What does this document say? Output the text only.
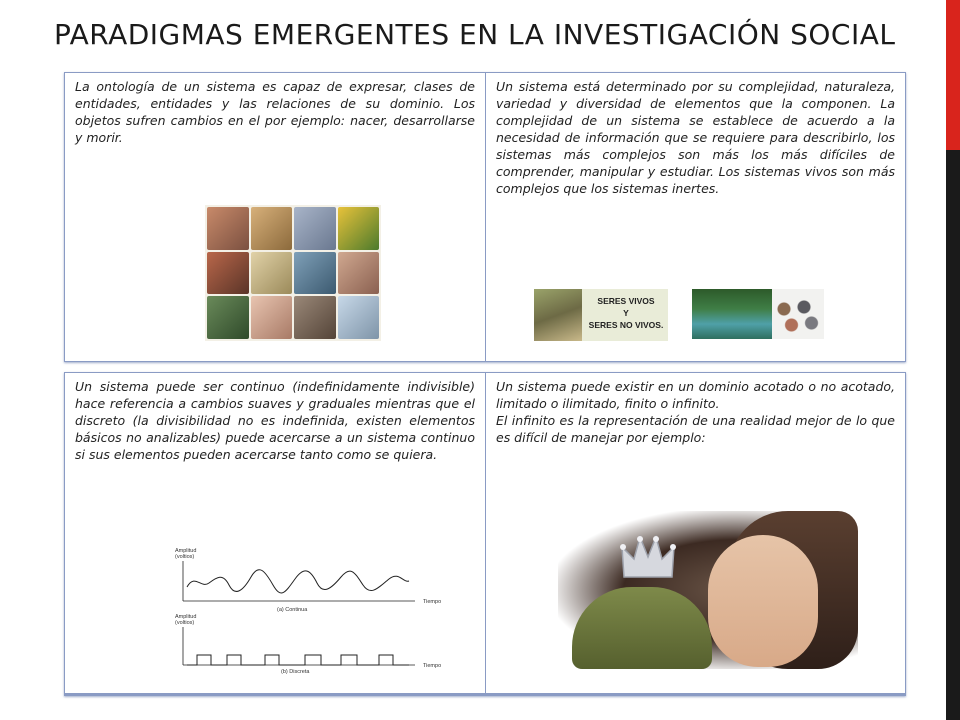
PARADIGMAS EMERGENTES EN LA INVESTIGACIÓN SOCIAL

La ontología de un sistema es capaz de expresar, clases de entidades, entidades y las relaciones de su dominio. Los objetos sufren cambios en el por ejemplo: nacer, desarrollarse y morir.

Un sistema está determinado por su complejidad, naturaleza, variedad y diversidad de elementos que la componen. La complejidad de un sistema se establece de acuerdo a la necesidad de información que se requiere para describirlo, los sistemas más complejos son más los más difíciles de comprender, manipular y estudiar. Los sistemas vivos son más complejos que los sistemas inertes.

SERES VIVOS
Y
SERES NO VIVOS.

Un sistema puede ser continuo (indefinidamente indivisible) hace referencia a cambios suaves y graduales mientras que el discreto (la divisibilidad no es indefinida, existen elementos básicos no analizables) puede acercarse a un sistema continuo si sus elementos pueden acercarse tanto como se quiera.

Amplitud
(voltios)
Tiempo
(a) Continua
Amplitud
(voltios)
Tiempo
(b) Discreta

Un sistema puede existir en un dominio acotado o no acotado, limitado o ilimitado, finito o infinito.

El infinito es la representación de una realidad mejor de lo que es difícil de manejar por ejemplo:
